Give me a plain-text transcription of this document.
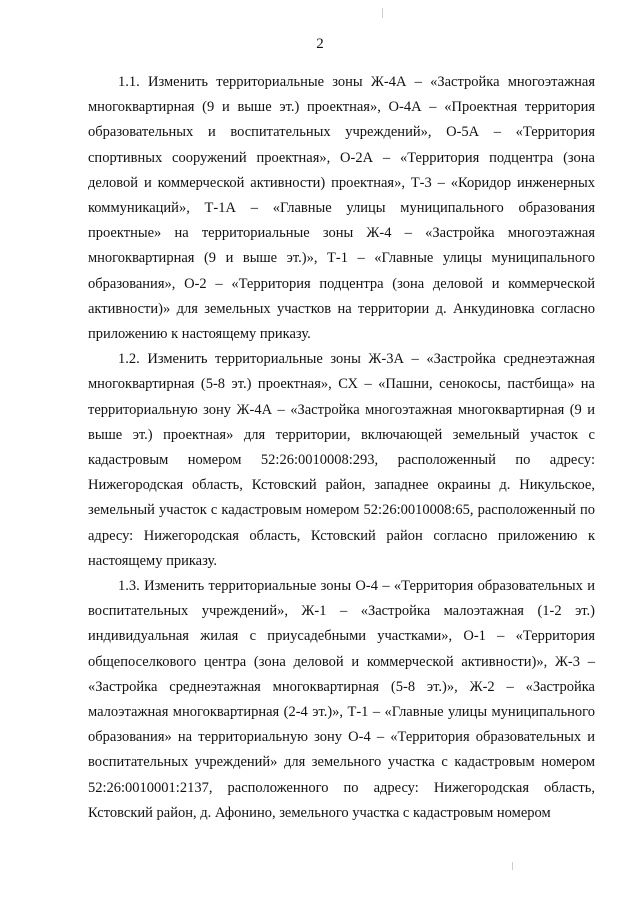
2

1.1. Изменить территориальные зоны Ж-4А – «Застройка многоэтажная многоквартирная (9 и выше эт.) проектная», О-4А – «Проектная территория образовательных и воспитательных учреждений», О-5А – «Территория спортивных сооружений проектная», О-2А – «Территория подцентра (зона деловой и коммерческой активности) проектная», Т-3 – «Коридор инженерных коммуникаций», Т-1А – «Главные улицы муниципального образования проектные» на территориальные зоны Ж-4 – «Застройка многоэтажная многоквартирная (9 и выше эт.)», Т-1 – «Главные улицы муниципального образования», О-2 – «Территория подцентра (зона деловой и коммерческой активности)» для земельных участков на территории д. Анкудиновка согласно приложению к настоящему приказу.

1.2. Изменить территориальные зоны Ж-3А – «Застройка среднеэтажная многоквартирная (5-8 эт.) проектная», СХ – «Пашни, сенокосы, пастбища» на территориальную зону Ж-4А – «Застройка многоэтажная многоквартирная (9 и выше эт.) проектная» для территории, включающей земельный участок с кадастровым номером 52:26:0010008:293, расположенный по адресу: Нижегородская область, Кстовский район, западнее окраины д. Никульское, земельный участок с кадастровым номером 52:26:0010008:65, расположенный по адресу: Нижегородская область, Кстовский район согласно приложению к настоящему приказу.

1.3. Изменить территориальные зоны О-4 – «Территория образовательных и воспитательных учреждений», Ж-1 – «Застройка малоэтажная (1-2 эт.) индивидуальная жилая с приусадебными участками», О-1 – «Территория общепоселкового центра (зона деловой и коммерческой активности)», Ж-3 – «Застройка среднеэтажная многоквартирная (5-8 эт.)», Ж-2 – «Застройка малоэтажная многоквартирная (2-4 эт.)», Т-1 – «Главные улицы муниципального образования» на территориальную зону О-4 – «Территория образовательных и воспитательных учреждений» для земельного участка с кадастровым номером 52:26:0010001:2137, расположенного по адресу: Нижегородская область, Кстовский район, д. Афонино, земельного участка с кадастровым номером
